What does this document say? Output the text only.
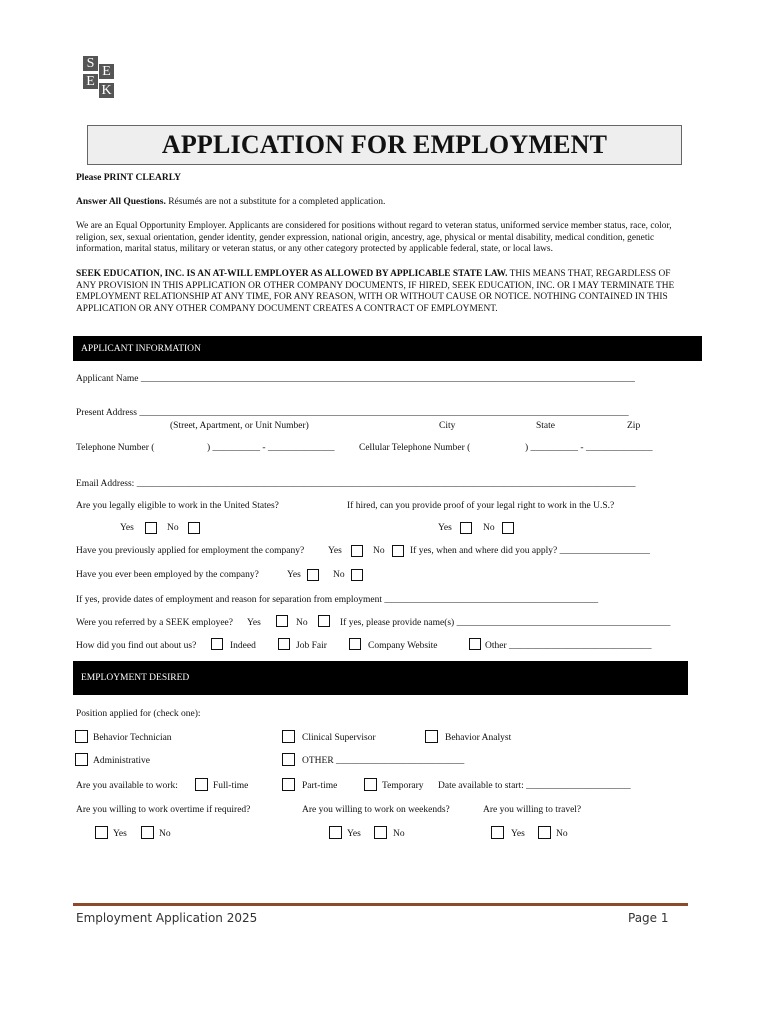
S
E
E
K
APPLICATION FOR EMPLOYMENT
Please PRINT CLEARLY
Answer All Questions. Résumés are not a substitute for a completed application.
We are an Equal Opportunity Employer. Applicants are considered for positions without regard to veteran status, uniformed service member status, race, color, religion, sex, sexual orientation, gender identity, gender expression, national origin, ancestry, age, physical or mental disability, medical condition, genetic information, marital status, military or veteran status, or any other category protected by applicable federal, state, or local laws.
SEEK EDUCATION, INC. IS AN AT-WILL EMPLOYER AS ALLOWED BY APPLICABLE STATE LAW. THIS MEANS THAT, REGARDLESS OF ANY PROVISION IN THIS APPLICATION OR OTHER COMPANY DOCUMENTS, IF HIRED, SEEK EDUCATION, INC. OR I MAY TERMINATE THE EMPLOYMENT RELATIONSHIP AT ANY TIME, FOR ANY REASON, WITH OR WITHOUT CAUSE OR NOTICE. NOTHING CONTAINED IN THIS APPLICATION OR ANY OTHER COMPANY DOCUMENT CREATES A CONTRACT OF EMPLOYMENT.
APPLICANT INFORMATION
Applicant Name ________________________________________________________________________________________________________
Present Address _______________________________________________________________________________________________________
(Street, Apartment, or Unit Number)	City	State	Zip
Telephone Number (	) __________ - ______________	Cellular Telephone Number (	) __________ - ______________
Email Address: _________________________________________________________________________________________________________
Are you legally eligible to work in the United States?	If hired, can you provide proof of your legal right to work in the U.S.?
Yes	No	Yes	No
Have you previously applied for employment the company?	Yes	No	If yes, when and where did you apply? ___________________
Have you ever been employed by the company?	Yes	No
If yes, provide dates of employment and reason for separation from employment _____________________________________________
Were you referred by a SEEK employee? Yes	No	If yes, please provide name(s) _____________________________________________
How did you find out about us?	Indeed	Job Fair	Company Website	Other ______________________________
EMPLOYMENT DESIRED
Position applied for (check one):
Behavior Technician	Clinical Supervisor	Behavior Analyst
Administrative	OTHER ___________________________
Are you available to work:	Full-time	Part-time	Temporary Date available to start: ______________________
Are you willing to work overtime if required?	Are you willing to work on weekends?	Are you willing to travel?
Yes	No	Yes	No	Yes	No
Employment Application 2025	Page 1
